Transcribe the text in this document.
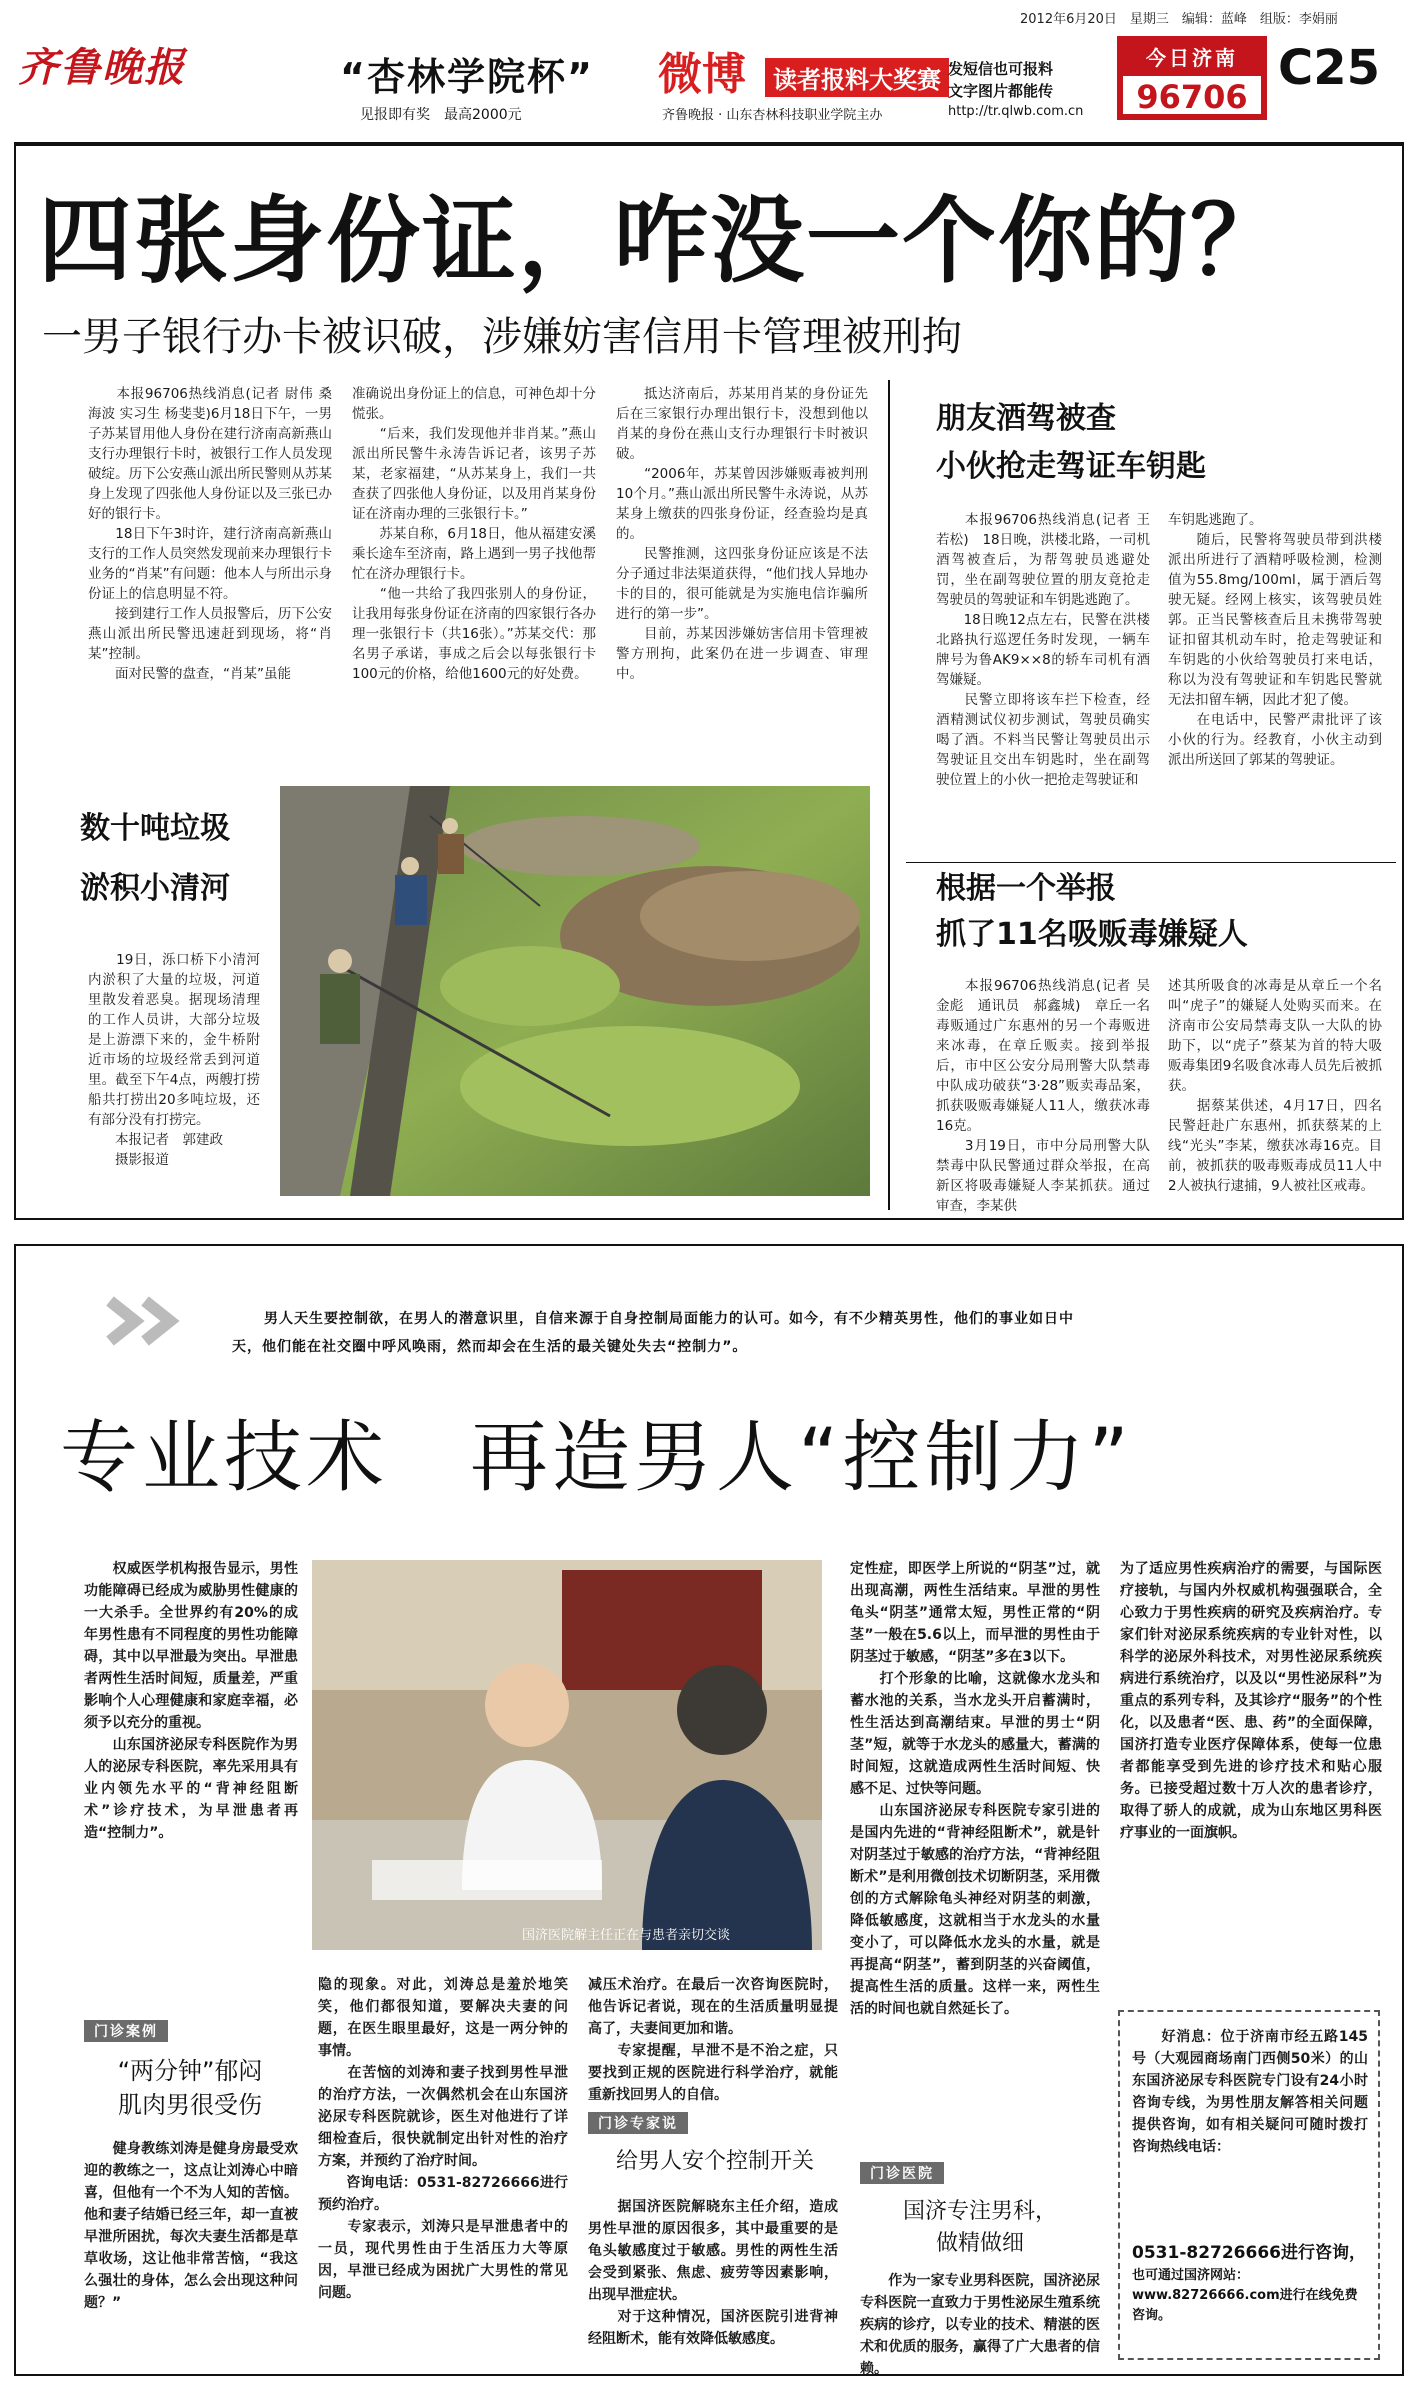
2012年6月20日　星期三　编辑：蓝峰　组版：李娟丽
齐鲁晚报	“杏林学院杯”
见报即有奖　最高2000元
微博	读者报料大奖赛
齐鲁晚报 · 山东杏林科技职业学院主办
发短信也可报料
文字图片都能传
http://tr.qlwb.com.cn
今日济南
96706
C25
四张身份证，咋没一个你的？
一男子银行办卡被识破，涉嫌妨害信用卡管理被刑拘
　　本报96706热线消息(记者 尉伟 桑海波 实习生 杨斐斐)6月18日下午，一男子苏某冒用他人身份在建行济南高新燕山支行办理银行卡时，被银行工作人员发现破绽。历下公安燕山派出所民警则从苏某身上发现了四张他人身份证以及三张已办好的银行卡。
　　18日下午3时许，建行济南高新燕山支行的工作人员突然发现前来办理银行卡业务的“肖某”有问题：他本人与所出示身份证上的信息明显不符。
　　接到建行工作人员报警后，历下公安燕山派出所民警迅速赶到现场，将“肖某”控制。
　　面对民警的盘查，“肖某”虽能
准确说出身份证上的信息，可神色却十分慌张。
　　“后来，我们发现他并非肖某。”燕山派出所民警牛永涛告诉记者，该男子苏某，老家福建，“从苏某身上，我们一共查获了四张他人身份证，以及用肖某身份证在济南办理的三张银行卡。”
　　苏某自称，6月18日，他从福建安溪乘长途车至济南，路上遇到一男子找他帮忙在济办理银行卡。
　　“他一共给了我四张别人的身份证，让我用每张身份证在济南的四家银行各办理一张银行卡（共16张）。”苏某交代：那名男子承诺，事成之后会以每张银行卡100元的价格，给他1600元的好处费。
　　抵达济南后，苏某用肖某的身份证先后在三家银行办理出银行卡，没想到他以肖某的身份在燕山支行办理银行卡时被识破。
　　“2006年，苏某曾因涉嫌贩毒被判刑10个月。”燕山派出所民警牛永涛说，从苏某身上缴获的四张身份证，经查验均是真的。
　　民警推测，这四张身份证应该是不法分子通过非法渠道获得，“他们找人异地办卡的目的，很可能就是为实施电信诈骗所进行的第一步”。
　　目前，苏某因涉嫌妨害信用卡管理被警方刑拘，此案仍在进一步调查、审理中。
数十吨垃圾
淤积小清河
　　19日，泺口桥下小清河内淤积了大量的垃圾，河道里散发着恶臭。据现场清理的工作人员讲，大部分垃圾是上游漂下来的，金牛桥附近市场的垃圾经常丢到河道里。截至下午4点，两艘打捞船共打捞出20多吨垃圾，还有部分没有打捞完。
　　本报记者　郭建政
　　摄影报道
朋友酒驾被查
小伙抢走驾证车钥匙
　　本报96706热线消息(记者 王若松)　18日晚，洪楼北路，一司机酒驾被查后，为帮驾驶员逃避处罚，坐在副驾驶位置的朋友竟抢走驾驶员的驾驶证和车钥匙逃跑了。
　　18日晚12点左右，民警在洪楼北路执行巡逻任务时发现，一辆车牌号为鲁AK9××8的轿车司机有酒驾嫌疑。
　　民警立即将该车拦下检查，经酒精测试仪初步测试，驾驶员确实喝了酒。不料当民警让驾驶员出示驾驶证且交出车钥匙时，坐在副驾驶位置上的小伙一把抢走驾驶证和
车钥匙逃跑了。
　　随后，民警将驾驶员带到洪楼派出所进行了酒精呼吸检测，检测值为55.8mg/100ml，属于酒后驾驶无疑。经网上核实，该驾驶员姓郭。正当民警核查后且未携带驾驶证扣留其机动车时，抢走驾驶证和车钥匙的小伙给驾驶员打来电话，称以为没有驾驶证和车钥匙民警就无法扣留车辆，因此才犯了傻。
　　在电话中，民警严肃批评了该小伙的行为。经教育，小伙主动到派出所送回了郭某的驾驶证。
根据一个举报
抓了11名吸贩毒嫌疑人
　　本报96706热线消息(记者 吴金彪　通讯员　郝鑫城)　章丘一名毒贩通过广东惠州的另一个毒贩进来冰毒，在章丘贩卖。接到举报后，市中区公安分局刑警大队禁毒中队成功破获“3·28”贩卖毒品案，抓获吸贩毒嫌疑人11人，缴获冰毒16克。
　　3月19日，市中分局刑警大队禁毒中队民警通过群众举报，在高新区将吸毒嫌疑人李某抓获。通过审查，李某供
述其所吸食的冰毒是从章丘一个名叫“虎子”的嫌疑人处购买而来。在济南市公安局禁毒支队一大队的协助下，以“虎子”蔡某为首的特大吸贩毒集团9名吸食冰毒人员先后被抓获。
　　据蔡某供述，4月17日，四名民警赶赴广东惠州，抓获蔡某的上线“光头”李某，缴获冰毒16克。目前，被抓获的吸毒贩毒成员11人中2人被执行逮捕，9人被社区戒毒。
男人天生要控制欲，在男人的潜意识里，自信来源于自身控制局面能力的认可。如今，有不少精英男性，他们的事业如日中
天，他们能在社交圈中呼风唤雨，然而却会在生活的最关键处失去“控制力”。
专业技术　再造男人“控制力”
国济医院解主任正在与患者亲切交谈
　　权威医学机构报告显示，男性功能障碍已经成为威胁男性健康的一大杀手。全世界约有20%的成年男性患有不同程度的男性功能障碍，其中以早泄最为突出。早泄患者两性生活时间短，质量差，严重影响个人心理健康和家庭幸福，必须予以充分的重视。
　　山东国济泌尿专科医院作为男人的泌尿专科医院，率先采用具有业内领先水平的“背神经阻断术”诊疗技术，为早泄患者再造“控制力”。
定性症，即医学上所说的“阴茎”过，就出现高潮，两性生活结束。早泄的男性龟头“阴茎”通常太短，男性正常的“阴茎”一般在5.6以上，而早泄的男性由于阴茎过于敏感，“阴茎”多在3以下。
　　打个形象的比喻，这就像水龙头和蓄水池的关系，当水龙头开启蓄满时，性生活达到高潮结束。早泄的男士“阴茎”短，就等于水龙头的感量大，蓄满的时间短，这就造成两性生活时间短、快感不足、过快等问题。
　　山东国济泌尿专科医院专家引进的是国内先进的“背神经阻断术”，就是针对阴茎过于敏感的治疗方法，“背神经阻断术”是利用微创技术切断阴茎，采用微创的方式解除龟头神经对阴茎的刺激，降低敏感度，这就相当于水龙头的水量变小了，可以降低水龙头的水量，就是再提高“阴茎”，蓄到阴茎的兴奋阈值，提高性生活的质量。这样一来，两性生活的时间也就自然延长了。
为了适应男性疾病治疗的需要，与国际医疗接轨，与国内外权威机构强强联合，全心致力于男性疾病的研究及疾病治疗。专家们针对泌尿系统疾病的专业针对性，以科学的泌尿外科技术，对男性泌尿系统疾病进行系统治疗，以及以“男性泌尿科”为重点的系列专科，及其诊疗“服务”的个性化，以及患者“医、患、药”的全面保障，国济打造专业医疗保障体系，使每一位患者都能享受到先进的诊疗技术和贴心服务。已接受超过数十万人次的患者诊疗，取得了骄人的成就，成为山东地区男科医疗事业的一面旗帜。
门诊案例
“两分钟”郁闷
肌肉男很受伤
　　健身教练刘涛是健身房最受欢迎的教练之一，这点让刘涛心中暗喜，但他有一个不为人知的苦恼。他和妻子结婚已经三年，却一直被早泄所困扰，每次夫妻生活都是草草收场，这让他非常苦恼，“我这么强壮的身体，怎么会出现这种问题？”
隐的现象。对此，刘涛总是羞於地笑笑，他们都很知道，要解决夫妻的问题，在医生眼里最好，这是一两分钟的事情。
　　在苦恼的刘涛和妻子找到男性早泄的治疗方法，一次偶然机会在山东国济泌尿专科医院就诊，医生对他进行了详细检查后，很快就制定出针对性的治疗方案，并预约了治疗时间。
　　咨询电话：0531-82726666进行预约治疗。
　　专家表示，刘涛只是早泄患者中的一员，现代男性由于生活压力大等原因，早泄已经成为困扰广大男性的常见问题。
减压术治疗。在最后一次咨询医院时，他告诉记者说，现在的生活质量明显提高了，夫妻间更加和谐。
　　专家提醒，早泄不是不治之症，只要找到正规的医院进行科学治疗，就能重新找回男人的自信。
门诊专家说
给男人安个控制开关
　　据国济医院解晓东主任介绍，造成男性早泄的原因很多，其中最重要的是龟头敏感度过于敏感。男性的两性生活会受到紧张、焦虑、疲劳等因素影响，出现早泄症状。
　　对于这种情况，国济医院引进背神经阻断术，能有效降低敏感度。
门诊医院
国济专注男科，
做精做细
　　作为一家专业男科医院，国济泌尿专科医院一直致力于男性泌尿生殖系统疾病的诊疗，以专业的技术、精湛的医术和优质的服务，赢得了广大患者的信赖。
　　好消息：位于济南市经五路145号（大观园商场南门西侧50米）的山东国济泌尿专科医院专门设有24小时咨询专线，为男性朋友解答相关问题提供咨询，如有相关疑问可随时拨打咨询热线电话：
0531-82726666进行咨询，
也可通过国济网站：www.82726666.com进行在线免费咨询。
